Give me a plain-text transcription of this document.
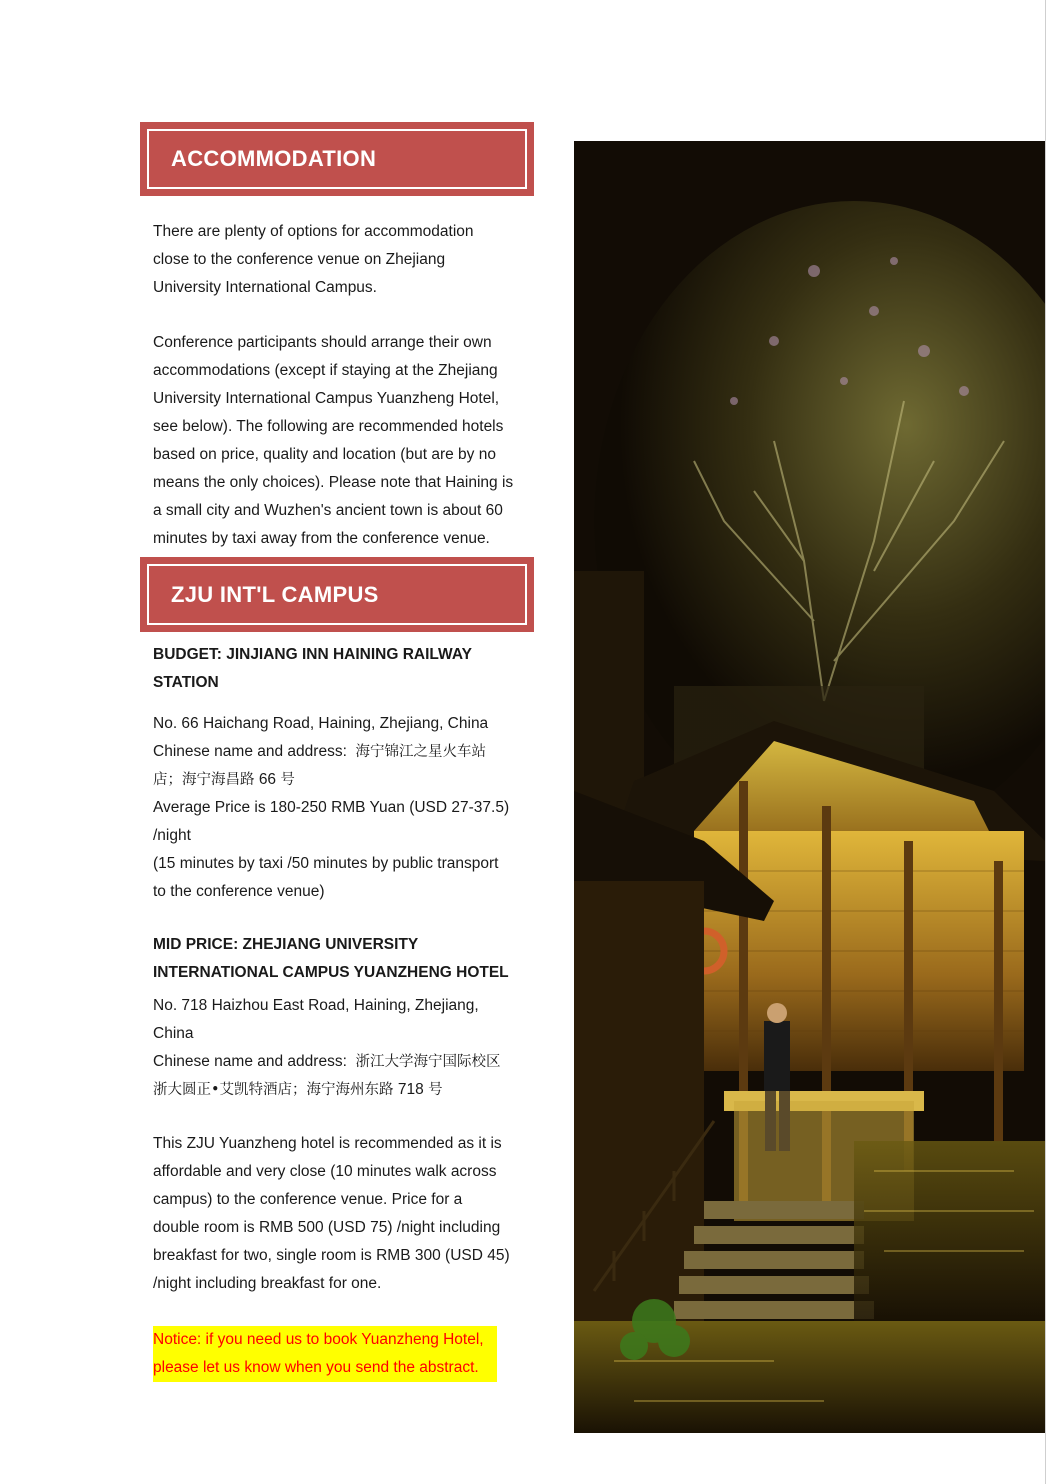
ACCOMMODATION

There are plenty of options for accommodation close to the conference venue on Zhejiang University International Campus.

Conference participants should arrange their own accommodations (except if staying at the Zhejiang University International Campus Yuanzheng Hotel, see below). The following are recommended hotels based on price, quality and location (but are by no means the only choices). Please note that Haining is a small city and Wuzhen's ancient town is about 60 minutes by taxi away from the conference venue.

ZJU INT'L CAMPUS
BUDGET: JINJIANG INN HAINING RAILWAY
STATION
No. 66 Haichang Road, Haining, Zhejiang, China
Chinese name and address: 海宁锦江之星火车站
店；海宁海昌路 66 号
Average Price is 180-250 RMB Yuan (USD 27-37.5)
/night
(15 minutes by taxi /50 minutes by public transport
to the conference venue)
MID PRICE: ZHEJIANG UNIVERSITY
INTERNATIONAL CAMPUS YUANZHENG HOTEL
No. 718 Haizhou East Road, Haining, Zhejiang,
China
Chinese name and address: 浙江大学海宁国际校区
浙大圆正•艾凯特酒店；海宁海州东路 718 号
This ZJU Yuanzheng hotel is recommended as it is
affordable and very close (10 minutes walk across
campus) to the conference venue. Price for a
double room is RMB 500 (USD 75) /night including
breakfast for two, single room is RMB 300 (USD 45)
/night including breakfast for one.
Notice: if you need us to book Yuanzheng Hotel,
please let us know when you send the abstract.
